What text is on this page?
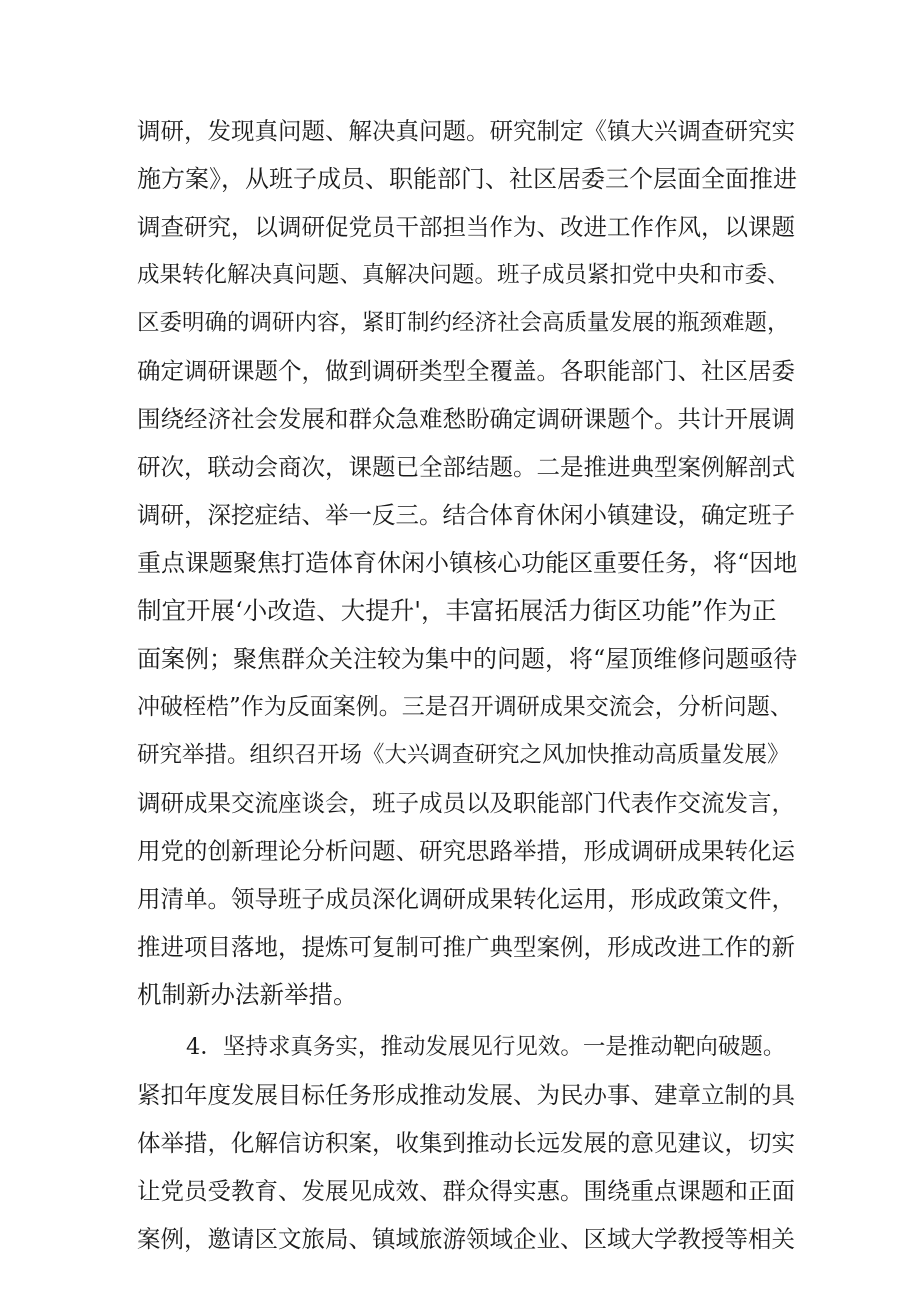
调研，发现真问题、解决真问题。研究制定《镇大兴调查研究实

施方案》，从班子成员、职能部门、社区居委三个层面全面推进

调查研究，以调研促党员干部担当作为、改进工作作风，以课题

成果转化解决真问题、真解决问题。班子成员紧扣党中央和市委、

区委明确的调研内容，紧盯制约经济社会高质量发展的瓶颈难题，

确定调研课题个，做到调研类型全覆盖。各职能部门、社区居委

围绕经济社会发展和群众急难愁盼确定调研课题个。共计开展调

研次，联动会商次，课题已全部结题。二是推进典型案例解剖式

调研，深挖症结、举一反三。结合体育休闲小镇建设，确定班子

重点课题聚焦打造体育休闲小镇核心功能区重要任务，将“因地

制宜开展‘小改造、大提升'，丰富拓展活力街区功能”作为正

面案例；聚焦群众关注较为集中的问题，将“屋顶维修问题亟待

冲破桎梏”作为反面案例。三是召开调研成果交流会，分析问题、

研究举措。组织召开场《大兴调查研究之风加快推动高质量发展》

调研成果交流座谈会，班子成员以及职能部门代表作交流发言，

用党的创新理论分析问题、研究思路举措，形成调研成果转化运

用清单。领导班子成员深化调研成果转化运用，形成政策文件，

推进项目落地，提炼可复制可推广典型案例，形成改进工作的新

机制新办法新举措。

4．坚持求真务实，推动发展见行见效。一是推动靶向破题。

紧扣年度发展目标任务形成推动发展、为民办事、建章立制的具

体举措，化解信访积案，收集到推动长远发展的意见建议，切实

让党员受教育、发展见成效、群众得实惠。围绕重点课题和正面

案例，邀请区文旅局、镇域旅游领域企业、区域大学教授等相关
